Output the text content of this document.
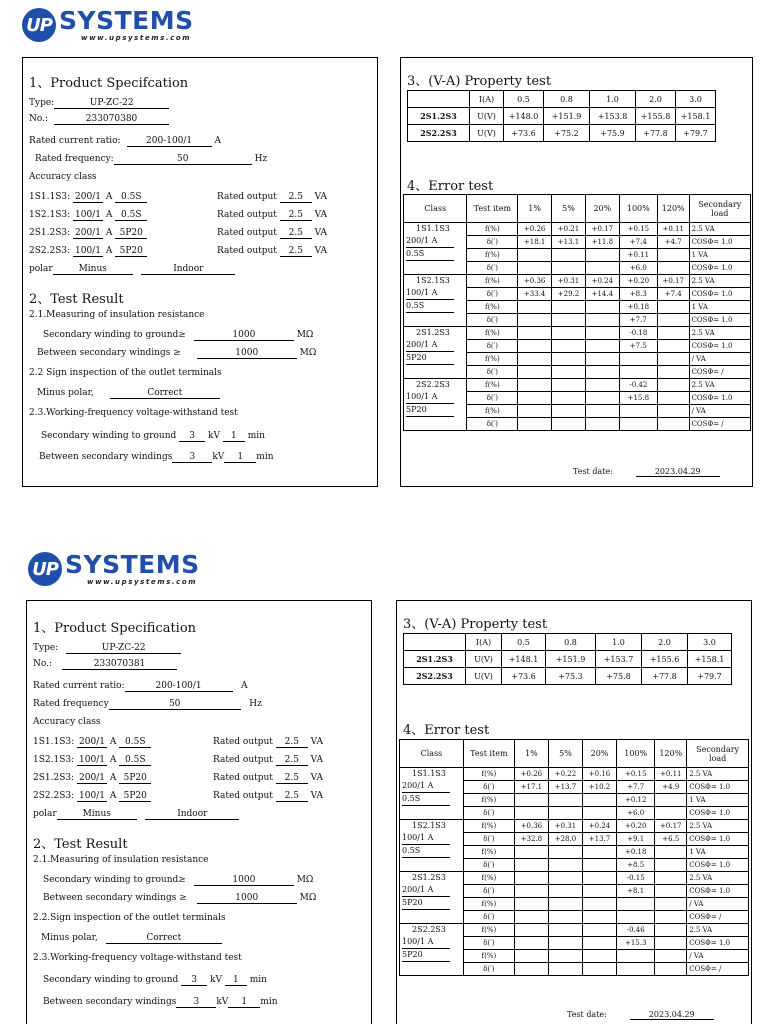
UP SYSTEMS
www.upsystems.com
1、Product Specifcation
Type:	UP-ZC-22
No.:	233070380
Rated current ratio:	200-100/1 A
Rated frequency:	50	Hz
Accuracy class
1S1.1S3: 200/1 A 0.5S	Rated output 2.5 VA
1S2.1S3: 100/1 A 0.5S	Rated output 2.5 VA
2S1.2S3: 200/1 A 5P20	Rated output 2.5 VA
2S2.2S3: 100/1 A 5P20	Rated output 2.5 VA
polar	Minus	Indoor
2、Test Result
2.1.Measuring of insulation resistance
Secondary winding to ground≥	1000	MΩ
Between secondary windings ≥	1000	MΩ
2.2 Sign inspection of the outlet terminals
Minus polar,	Correct
2.3.Working-frequency voltage-withstand test
Secondary winding to ground 3 kV 1 min
Between secondary windings 3 kV 1 min
3、(V-A) Property test
	I(A)	0.5	0.8	1.0	2.0	3.0
2S1.2S3	U(V)	+148.0	+151.9	+153.8	+155.8	+158.1
2S2.2S3	U(V)	+73.6	+75.2	+75.9	+77.8	+79.7
4、Error test
Class	Test item	1%	5%	20%	100%	120%	Secondary load

1S1.1S3
200/1 A
0.5S	f(%)	+0.26	+0.21	+0.17	+0.15	+0.11	2.5 VA
	δ(′)	+18.1	+13.1	+11.8	+7.4	+4.7	COSΦ= 1.0
	f(%)				+0.11		1 VA
	δ(′)				+6.0		COSΦ= 1.0

1S2.1S3
100/1 A
0.5S	f(%)	+0.36	+0.31	+0.24	+0.20	+0.17	2.5 VA
	δ(′)	+33.4	+29.2	+14.4	+8.3	+7.4	COSΦ= 1.0
	f(%)				+0.18		1 VA
	δ(′)				+7.7		COSΦ= 1.0

2S1.2S3
200/1 A
5P20	f(%)				-0.18		2.5 VA
	δ(′)				+7.5		COSΦ= 1.0
	f(%)						/ VA
	δ(′)						COSΦ= /

2S2.2S3
100/1 A
5P20	f(%)				-0.42		2.5 VA
	δ(′)				+15.8		COSΦ= 1.0
	f(%)						/ VA
	δ(′)						COSΦ= /
Test date:	2023.04.29
UP SYSTEMS
www.upsystems.com
1、Product Specification
Type:	UP-ZC-22
No.:	233070381
Rated current ratio:	200-100/1	A
Rated frequency	50	Hz
Accuracy class
1S1.1S3: 200/1 A 0.5S	Rated output 2.5 VA
1S2.1S3: 100/1 A 0.5S	Rated output 2.5 VA
2S1.2S3: 200/1 A 5P20	Rated output 2.5 VA
2S2.2S3: 100/1 A 5P20	Rated output 2.5 VA
polar	Minus	Indoor
2、Test Result
2.1.Measuring of insulation resistance
Secondary winding to ground≥	1000	MΩ
Between secondary windings ≥	1000	MΩ
2.2.Sign inspection of the outlet terminals
Minus polar,	Correct
2.3.Working-frequency voltage-withstand test
Secondary winding to ground 3 kV 1 min
Between secondary windings 3 kV 1 min
3、(V-A) Property test
	I(A)	0.5	0.8	1.0	2.0	3.0
2S1.2S3	U(V)	+148.1	+151.9	+153.7	+155.6	+158.1
2S2.2S3	U(V)	+73.6	+75.3	+75.8	+77.8	+79.7
4、Error test
Class	Test item	1%	5%	20%	100%	120%	Secondary load

1S1.1S3
200/1 A
0.5S	f(%)	+0.26	+0.22	+0.16	+0.15	+0.11	2.5 VA
	δ(′)	+17.1	+13.7	+10.2	+7.7	+4.9	COSΦ= 1.0
	f(%)				+0.12		1 VA
	δ(′)				+6.0		COSΦ= 1.0

1S2.1S3
100/1 A
0.5S	f(%)	+0.36	+0.31	+0.24	+0.20	+0.17	2.5 VA
	δ(′)	+32.8	+28.0	+13.7	+9.1	+6.5	COSΦ= 1.0
	f(%)				+0.18		1 VA
	δ(′)				+8.5		COSΦ= 1.0

2S1.2S3
200/1 A
5P20	f(%)				-0.15		2.5 VA
	δ(′)				+8.1		COSΦ= 1.0
	f(%)						/ VA
	δ(′)						COSΦ= /

2S2.2S3
100/1 A
5P20	f(%)				-0.46		2.5 VA
	δ(′)				+15.3		COSΦ= 1.0
	f(%)						/ VA
	δ(′)						COSΦ= /
Test date:	2023.04.29
